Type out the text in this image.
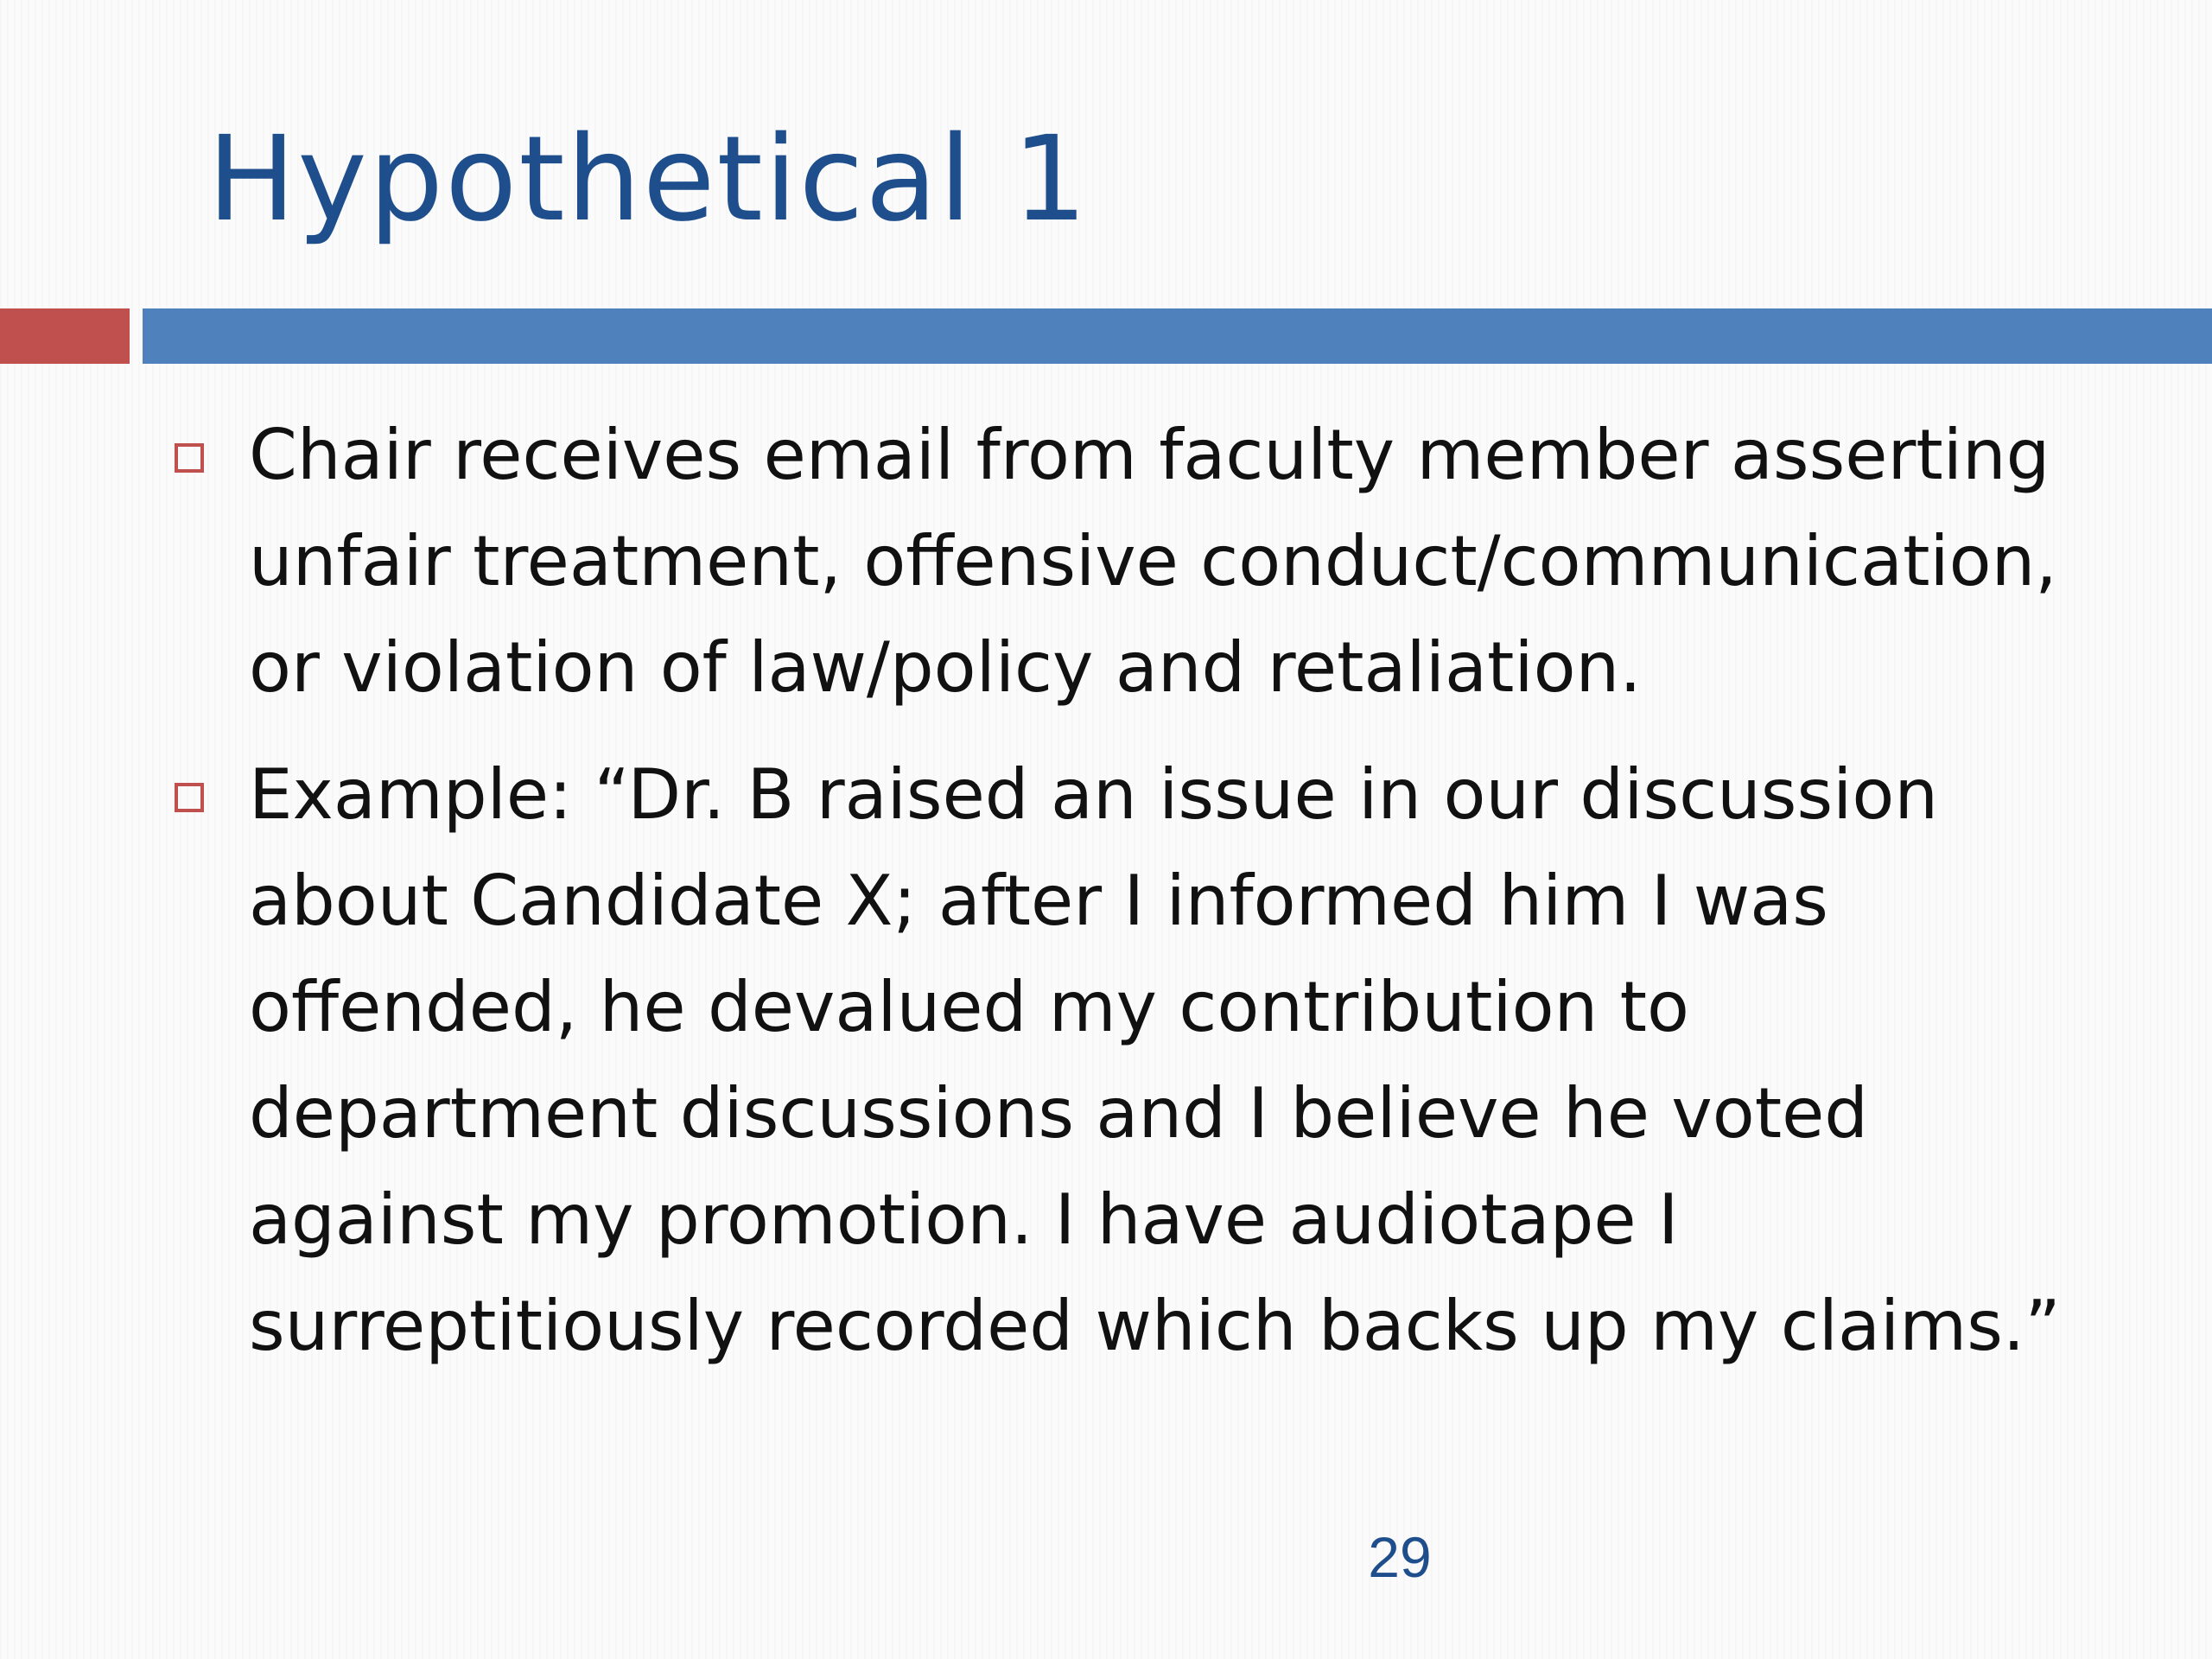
Hypothetical 1
Chair receives email from faculty member asserting
unfair treatment, offensive conduct/communication,
or violation of law/policy and retaliation.
Example: “Dr. B raised an issue in our discussion
about Candidate X; after I informed him I was
offended, he devalued my contribution to
department discussions and I believe he voted
against my promotion. I have audiotape I
surreptitiously recorded which backs up my claims.”
29
